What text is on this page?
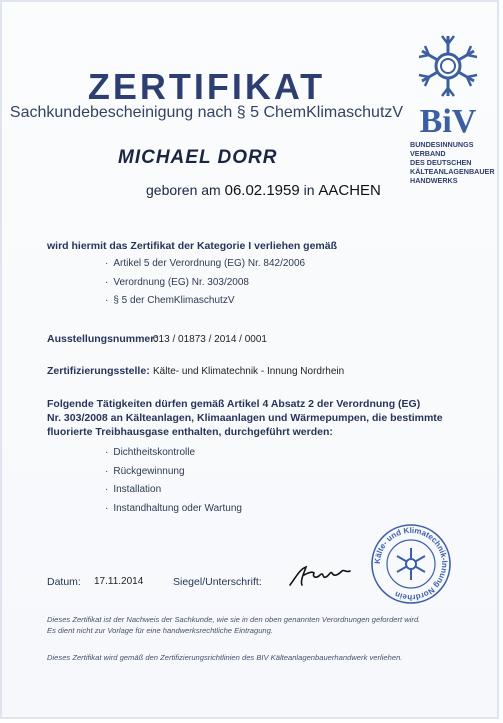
ZERTIFIKAT
Sachkundebescheinigung nach § 5 ChemKlimaschutzV BiV
BUNDESINNUNGS
VERBAND
DES DEUTSCHEN
KÄLTEANLAGENBAUER
HANDWERKS
MICHAEL DORR
geboren am 06.02.1959 in AACHEN
wird hiermit das Zertifikat der Kategorie I verliehen gemäß
· Artikel 5 der Verordnung (EG) Nr. 842/2006
· Verordnung (EG) Nr. 303/2008
· § 5 der ChemKlimaschutzV
Ausstellungsnummer:
013 / 01873 / 2014 / 0001
Zertifizierungsstelle: Kälte- und Klimatechnik - Innung Nordrhein
Folgende Tätigkeiten dürfen gemäß Artikel 4 Absatz 2 der Verordnung (EG)
Nr. 303/2008 an Kälteanlagen, Klimaanlagen und Wärmepumpen, die bestimmte
fluorierte Treibhausgase enthalten, durchgeführt werden:
· Dichtheitskontrolle
· Rückgewinnung
· Installation
· Instandhaltung oder Wartung
Datum: 17.11.2014	Siegel/Unterschrift:
Kälte- und Klimatechnik-Innung Nordrhein
Dieses Zertifikat ist der Nachweis der Sachkunde, wie sie in den oben genannten Verordnungen gefordert wird.
Es dient nicht zur Vorlage für eine handwerksrechtliche Eintragung.
Dieses Zertifikat wird gemäß den Zertifizierungsrichtlinien des BIV Kälteanlagenbauerhandwerk verliehen.
